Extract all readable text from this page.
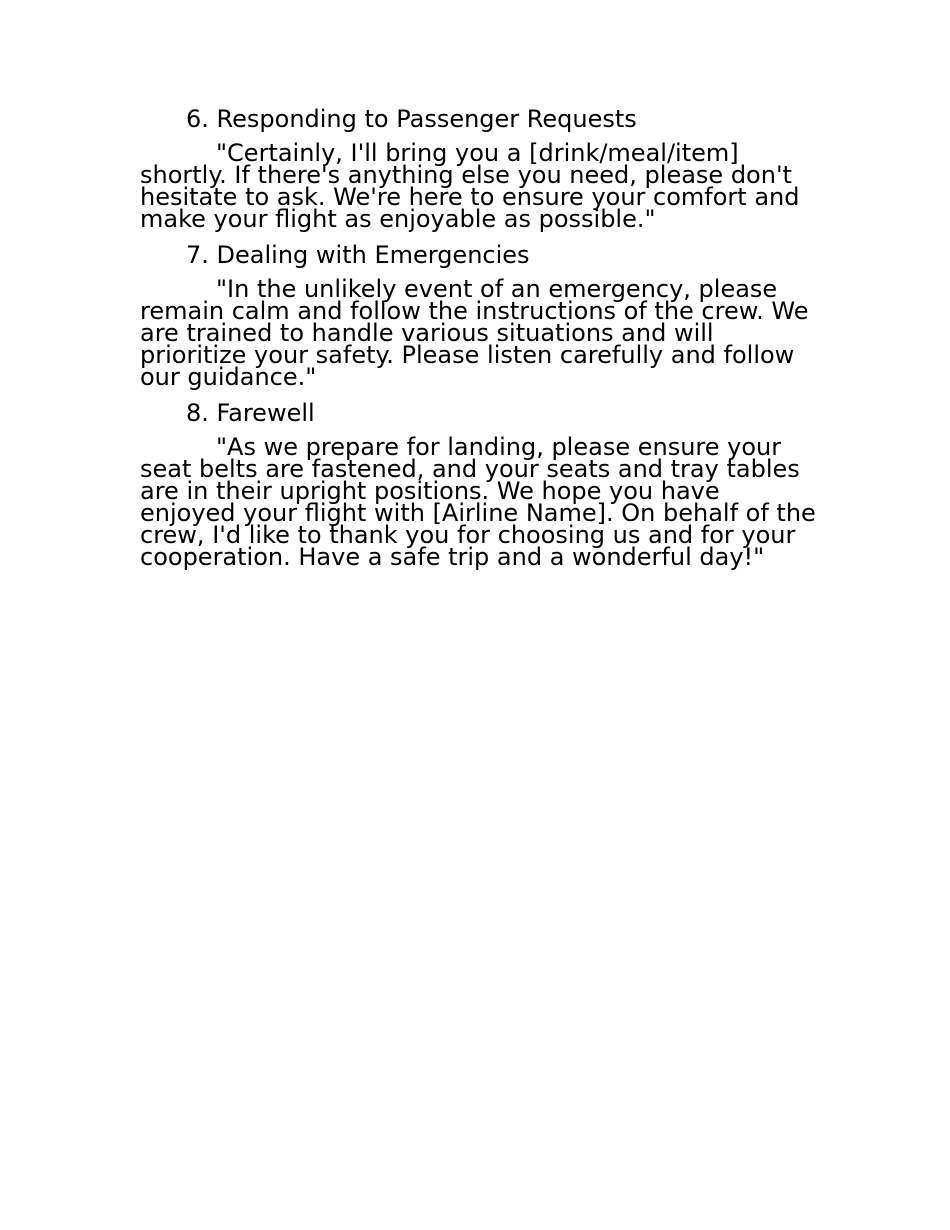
6. Responding to Passenger Requests
"Certainly, I'll bring you a [drink/meal/item]
shortly. If there's anything else you need, please don't
hesitate to ask. We're here to ensure your comfort and
make your flight as enjoyable as possible."
7. Dealing with Emergencies
"In the unlikely event of an emergency, please
remain calm and follow the instructions of the crew. We
are trained to handle various situations and will
prioritize your safety. Please listen carefully and follow
our guidance."
8. Farewell
"As we prepare for landing, please ensure your
seat belts are fastened, and your seats and tray tables
are in their upright positions. We hope you have
enjoyed your flight with [Airline Name]. On behalf of the
crew, I'd like to thank you for choosing us and for your
cooperation. Have a safe trip and a wonderful day!"
